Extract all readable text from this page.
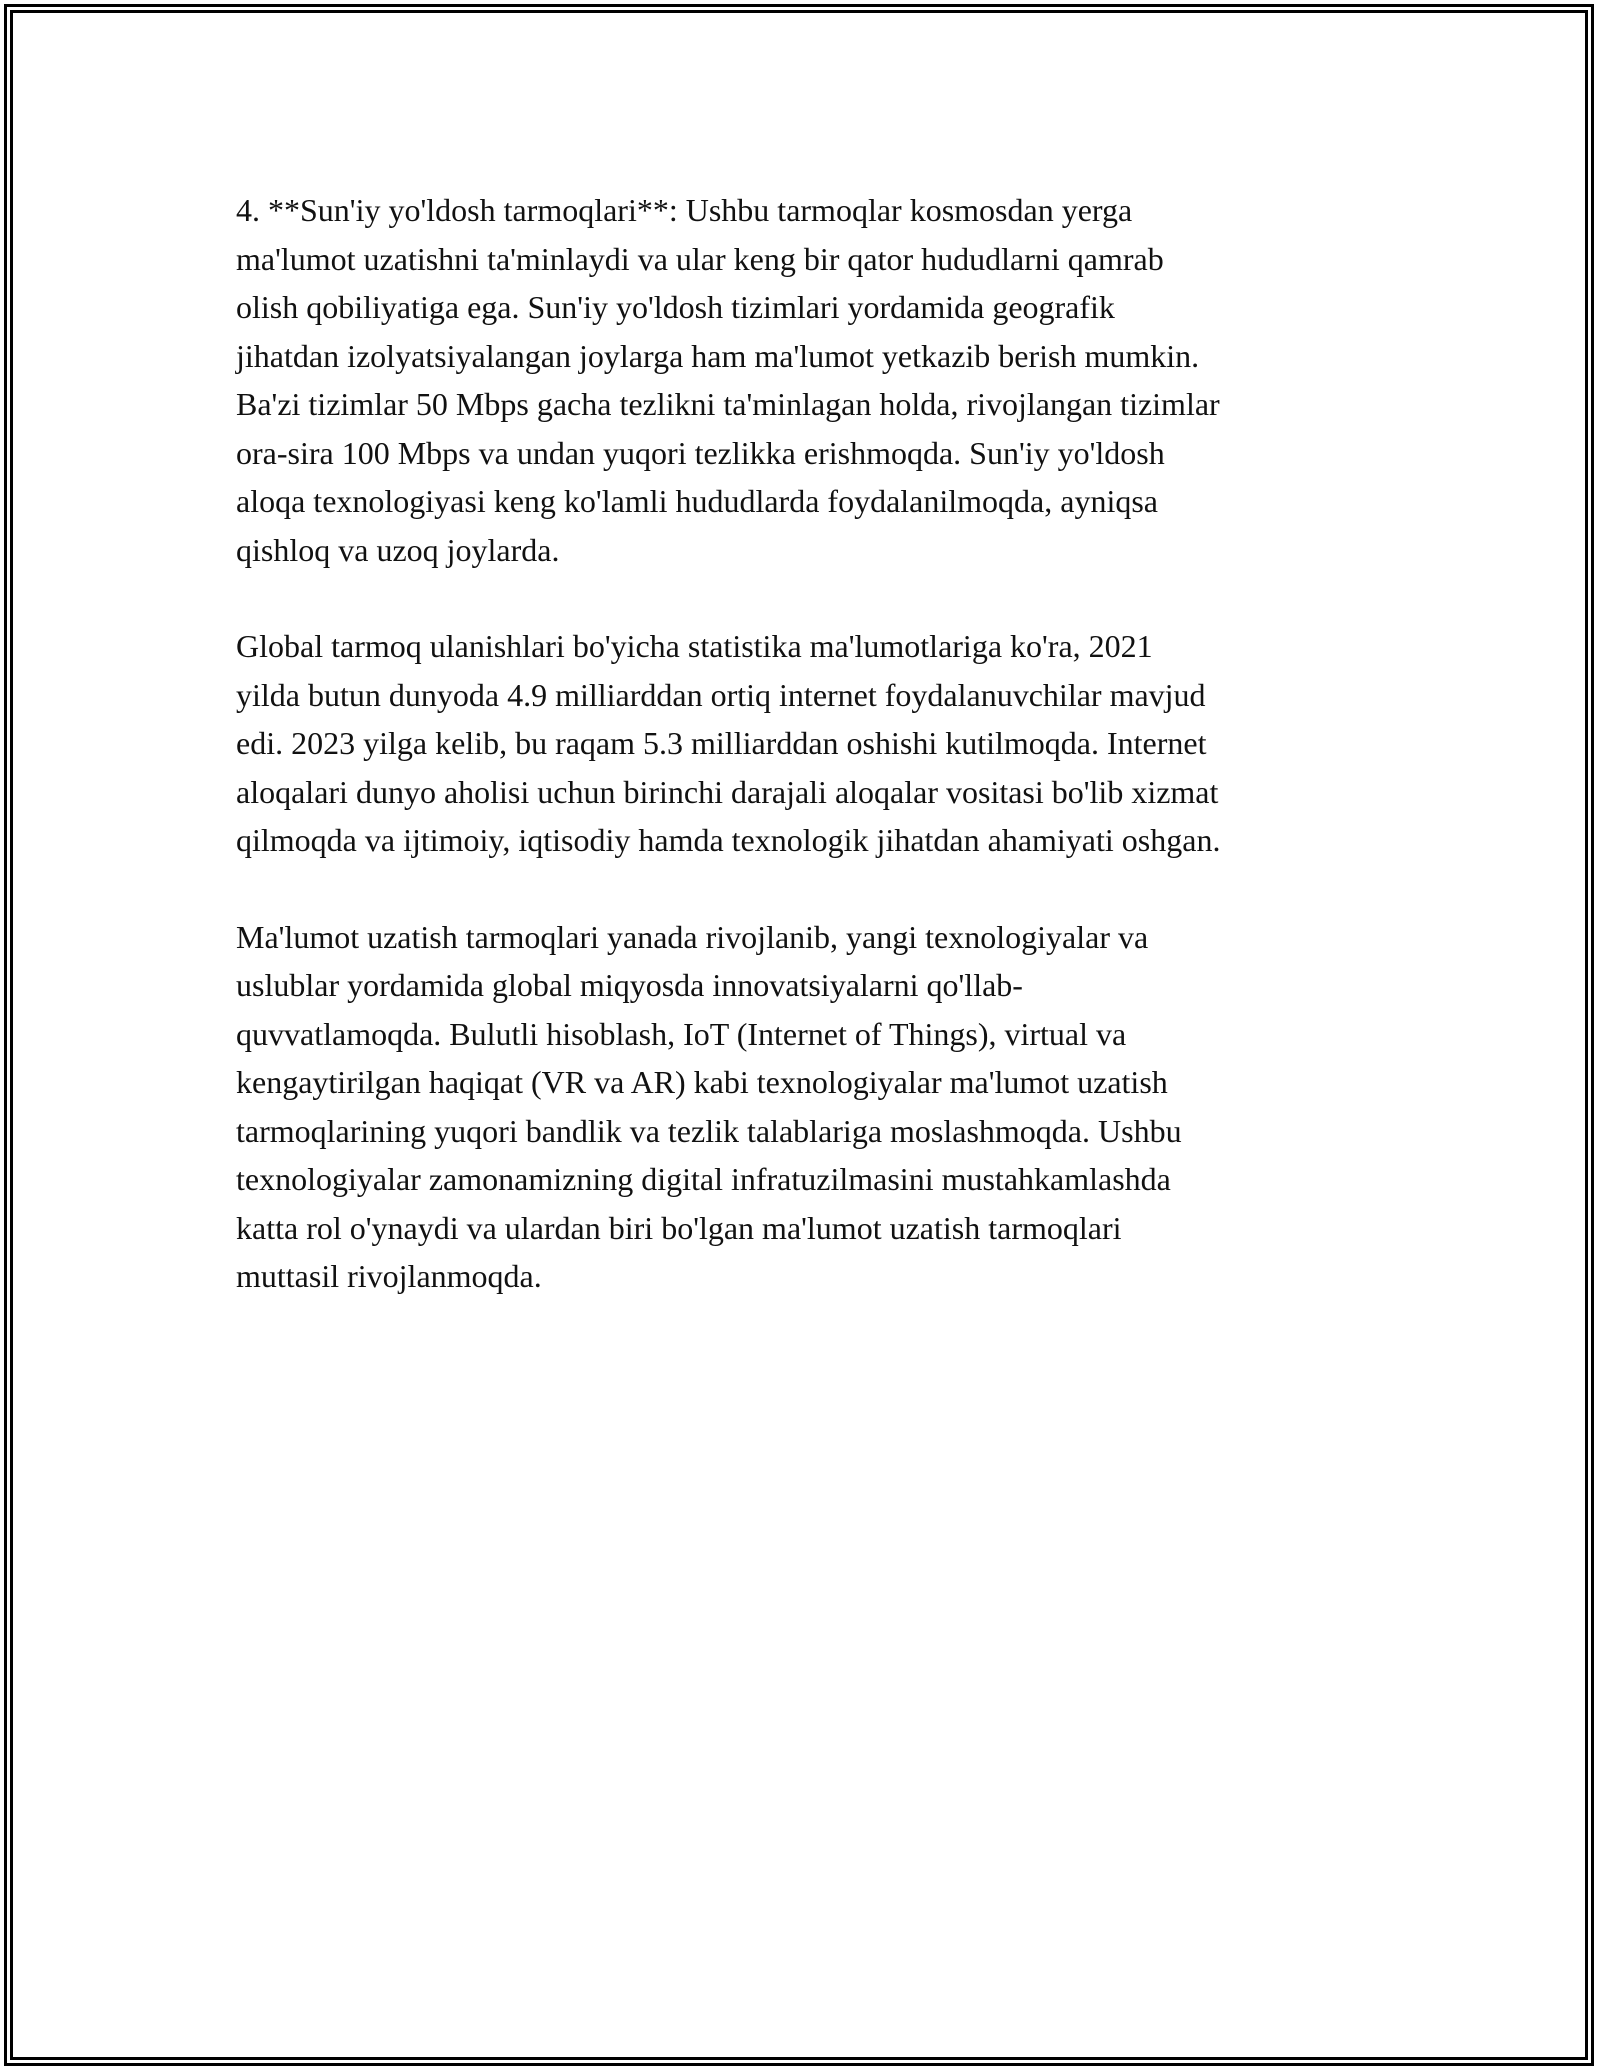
4. **Sun'iy yo'ldosh tarmoqlari**: Ushbu tarmoqlar kosmosdan yerga
ma'lumot uzatishni ta'minlaydi va ular keng bir qator hududlarni qamrab
olish qobiliyatiga ega. Sun'iy yo'ldosh tizimlari yordamida geografik
jihatdan izolyatsiyalangan joylarga ham ma'lumot yetkazib berish mumkin.
Ba'zi tizimlar 50 Mbps gacha tezlikni ta'minlagan holda, rivojlangan tizimlar
ora-sira 100 Mbps va undan yuqori tezlikka erishmoqda. Sun'iy yo'ldosh
aloqa texnologiyasi keng ko'lamli hududlarda foydalanilmoqda, ayniqsa
qishloq va uzoq joylarda.

Global tarmoq ulanishlari bo'yicha statistika ma'lumotlariga ko'ra, 2021
yilda butun dunyoda 4.9 milliarddan ortiq internet foydalanuvchilar mavjud
edi. 2023 yilga kelib, bu raqam 5.3 milliarddan oshishi kutilmoqda. Internet
aloqalari dunyo aholisi uchun birinchi darajali aloqalar vositasi bo'lib xizmat
qilmoqda va ijtimoiy, iqtisodiy hamda texnologik jihatdan ahamiyati oshgan.

Ma'lumot uzatish tarmoqlari yanada rivojlanib, yangi texnologiyalar va
uslublar yordamida global miqyosda innovatsiyalarni qo'llab-
quvvatlamoqda. Bulutli hisoblash, IoT (Internet of Things), virtual va
kengaytirilgan haqiqat (VR va AR) kabi texnologiyalar ma'lumot uzatish
tarmoqlarining yuqori bandlik va tezlik talablariga moslashmoqda. Ushbu
texnologiyalar zamonamizning digital infratuzilmasini mustahkamlashda
katta rol o'ynaydi va ulardan biri bo'lgan ma'lumot uzatish tarmoqlari
muttasil rivojlanmoqda.
